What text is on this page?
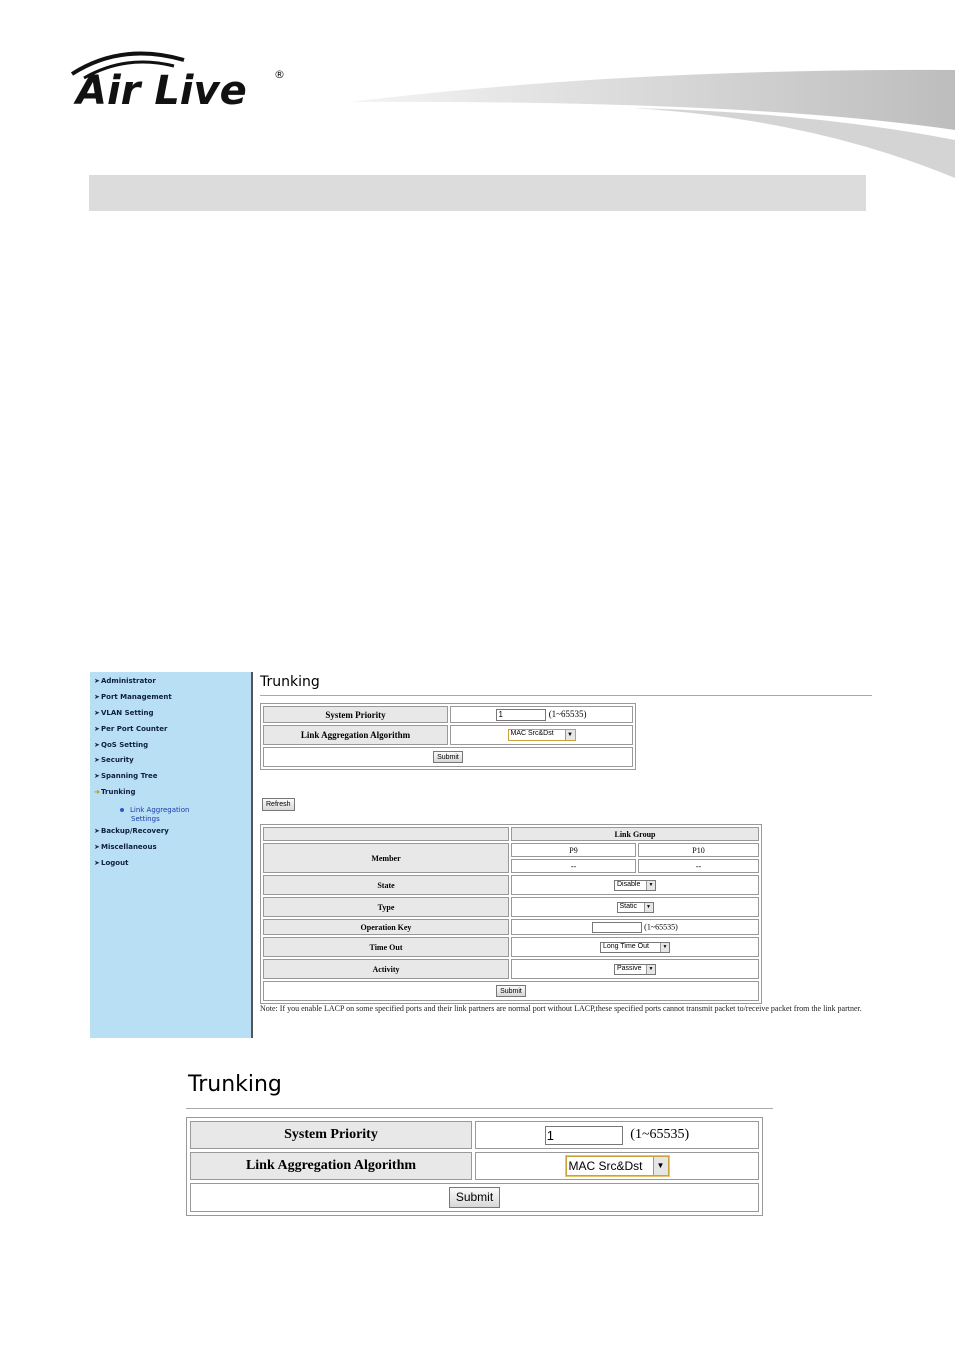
Air Live ®
➤Administrator
➤Port Management
➤VLAN Setting
➤Per Port Counter
➤QoS Setting
➤Security
➤Spanning Tree
➜Trunking
Link Aggregation
Settings
➤Backup/Recovery
➤Miscellaneous
➤Logout
Trunking
System Priority	1 (1~65535)
Link Aggregation Algorithm	MAC Src&Dst ▼

Submit	
Refresh
	Link Group	
Member	P9	P10
	--	--
State	Disable ▼	

Type	Static ▼	

Operation Key	(1~65535)	
Time Out	Long Time Out ▼	

Activity	Passive ▼	

Submit		
Note: If you enable LACP on some specified ports and their link partners are normal port without LACP,these specified ports cannot transmit packet to/receive packet from the link partner.
Trunking
System Priority	1 (1~65535)
Link Aggregation Algorithm	MAC Src&Dst ▼

Submit	
